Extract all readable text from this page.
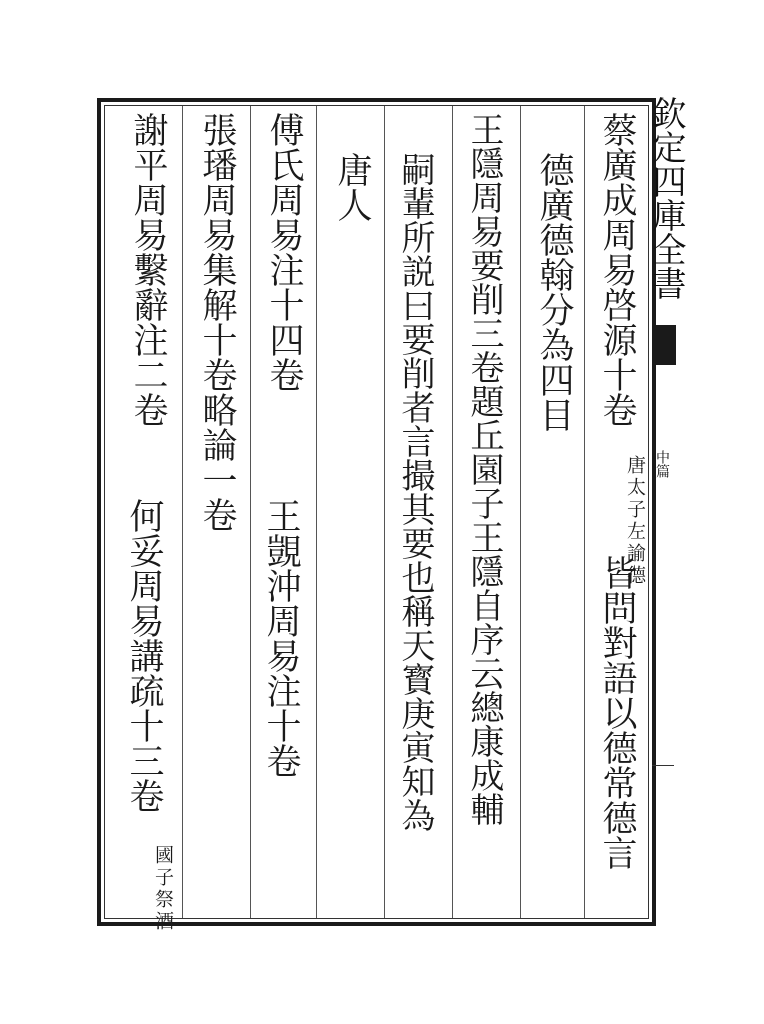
欽定四庫全書
中篇
蔡廣成周易啓源十卷
唐太子左諭德
皆問對語以德常德言
德廣德翰分為四目
王隱周易要削三卷題丘園子王隱自序云總康成輔
嗣輩所説曰要削者言撮其要也稱天寳庚寅知為
唐人
傅氏周易注十四卷
王覬沖周易注十卷
張璠周易集解十卷略論一卷
謝平周易繫辭注二卷
何妥周易講疏十三卷
國子祭酒
